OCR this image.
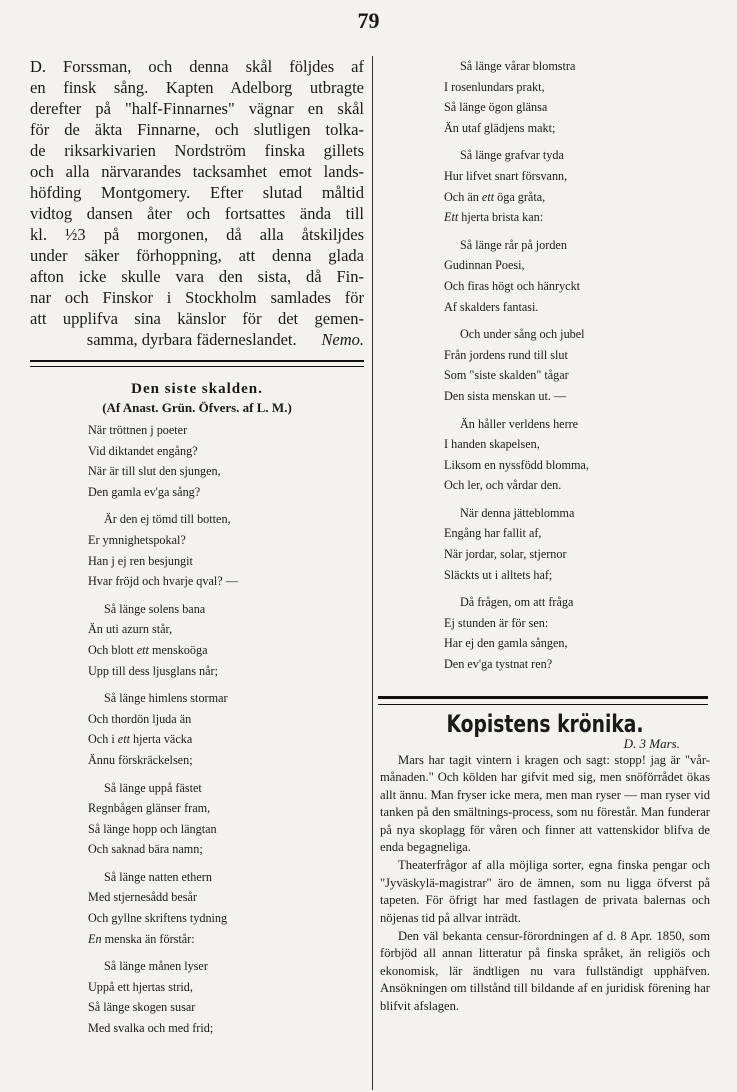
79

D. Forssman, och denna skål följdes af

en finsk sång. Kapten Adelborg utbragte

derefter på "half-Finnarnes" vägnar en skål

för de äkta Finnarne, och slutligen tolka-

de riksarkivarien Nordström finska gillets

och alla närvarandes tacksamhet emot lands-

höfding Montgomery. Efter slutad måltid

vidtog dansen åter och fortsattes ända till

kl. ½3 på morgonen, då alla åtskiljdes

under säker förhoppning, att denna glada

afton icke skulle vara den sista, då Fin-

nar och Finskor i Stockholm samlades för

att upplifva sina känslor för det gemen-

samma, dyrbara fäderneslandet. Nemo.

Den siste skalden.
(Af Anast. Grün. Öfvers. af L. M.)
När tröttnen j poeter
Vid diktandet engång?
När är till slut den sjungen,
Den gamla ev'ga sång?
Är den ej tömd till botten,
Er ymnighetspokal?
Han j ej ren besjungit
Hvar fröjd och hvarje qval? —
Så länge solens bana
Än uti azurn står,
Och blott ett menskoöga
Upp till dess ljusglans når;
Så länge himlens stormar
Och thordön ljuda än
Och i ett hjerta väcka
Ännu förskräckelsen;
Så länge uppå fästet
Regnbågen glänser fram,
Så länge hopp och längtan
Och saknad bära namn;
Så länge natten ethern
Med stjernesådd besår
Och gyllne skriftens tydning
En menska än förstår:
Så länge månen lyser
Uppå ett hjertas strid,
Så länge skogen susar
Med svalka och med frid;
Så länge vårar blomstra
I rosenlundars prakt,
Så länge ögon glänsa
Än utaf glädjens makt;
Så länge grafvar tyda
Hur lifvet snart försvann,
Och än ett öga gråta,
Ett hjerta brista kan:
Så länge rår på jorden
Gudinnan Poesi,
Och firas högt och hänryckt
Af skalders fantasi.
Och under sång och jubel
Från jordens rund till slut
Som "siste skalden" tågar
Den sista menskan ut. —
Än håller verldens herre
I handen skapelsen,
Liksom en nyssfödd blomma,
Och ler, och vårdar den.
När denna jätteblomma
Engång har fallit af,
När jordar, solar, stjernor
Släckts ut i alltets haf;
Då frågen, om att fråga
Ej stunden är för sen:
Har ej den gamla sången,
Den ev'ga tystnat ren?
Kopistens krönika.
D. 3 Mars.

Mars har tagit vintern i kragen och sagt: stopp! jag är "vår-månaden." Och kölden har gifvit med sig, men snöförrådet ökas allt ännu. Man fryser icke mera, men man ryser — man ryser vid tanken på den smältnings-process, som nu förestår. Man funderar på nya skoplagg för våren och finner att vattenskidor blifva de enda begagneliga.

Theaterfrågor af alla möjliga sorter, egna finska pengar och "Jyväskylä-magistrar" äro de ämnen, som nu ligga öfverst på tapeten. För öfrigt har med fastlagen de privata balernas och nöjenas tid på allvar inträdt.

Den väl bekanta censur-förordningen af d. 8 Apr. 1850, som förbjöd all annan litteratur på finska språket, än religiös och ekonomisk, lär ändtligen nu vara fullständigt upphäfven. Ansökningen om tillstånd till bildande af en juridisk förening har blifvit afslagen.
